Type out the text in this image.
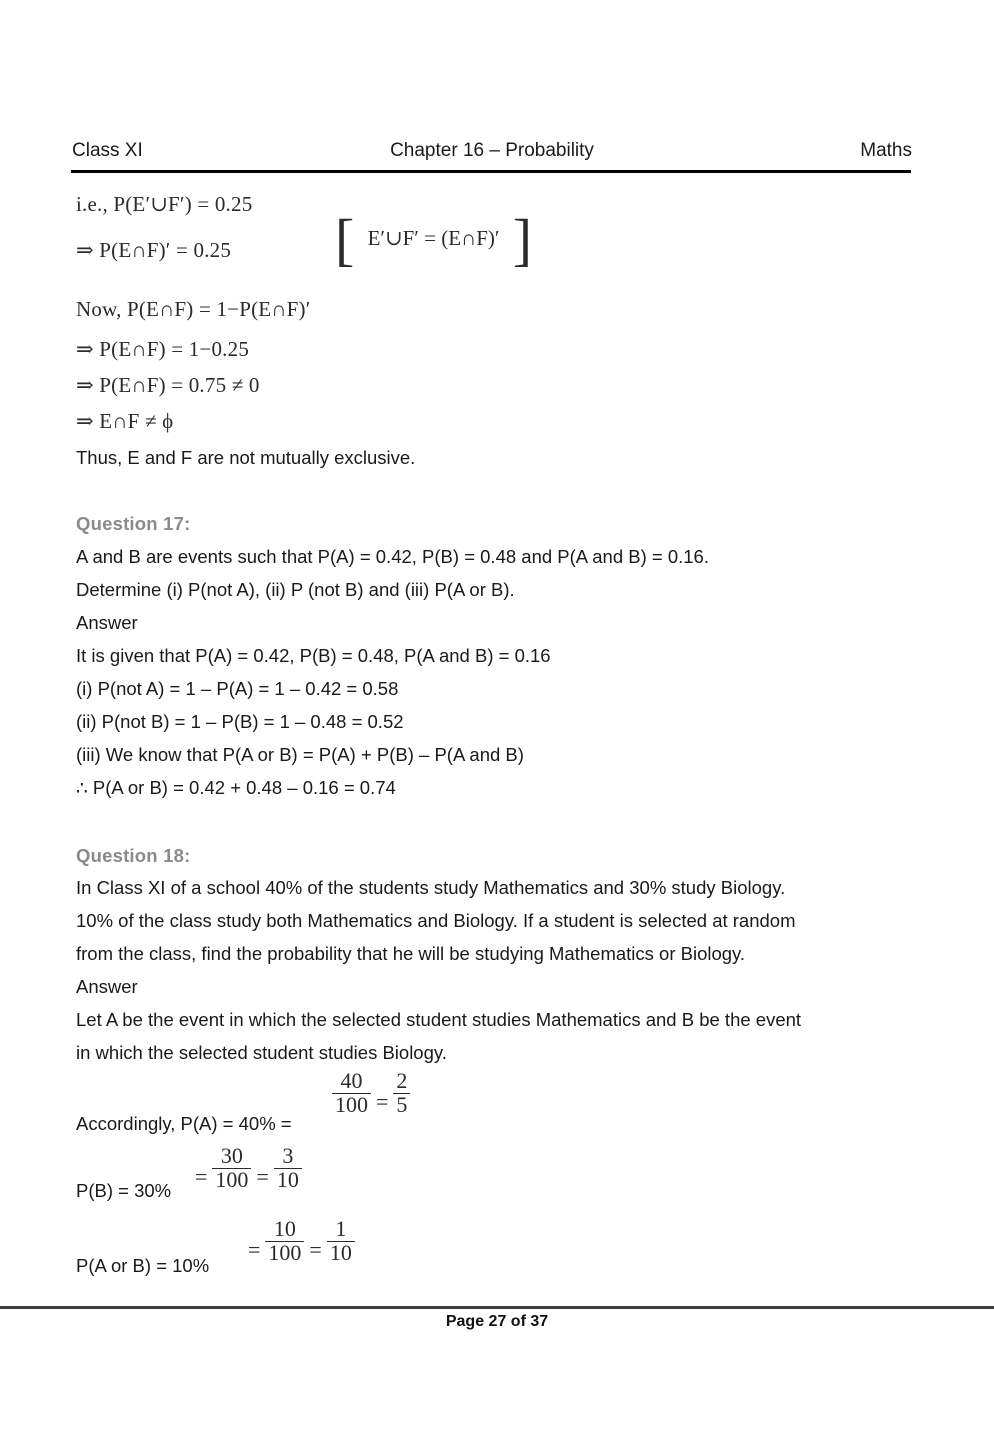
Class XI	Chapter 16 – Probability	Maths
i.e., P(E′∪F′) = 0.25
⇒ P(E∩F)′ = 0.25 [ E′∪F′ = (E∩F)′ ]
Now, P(E∩F) = 1−P(E∩F)′
⇒ P(E∩F) = 1−0.25
⇒ P(E∩F) = 0.75 ≠ 0
⇒ E∩F ≠ ϕ
Thus, E and F are not mutually exclusive.
Question 17:
A and B are events such that P(A) = 0.42, P(B) = 0.48 and P(A and B) = 0.16.
Determine (i) P(not A), (ii) P (not B) and (iii) P(A or B).
Answer
It is given that P(A) = 0.42, P(B) = 0.48, P(A and B) = 0.16
(i) P(not A) = 1 – P(A) = 1 – 0.42 = 0.58
(ii) P(not B) = 1 – P(B) = 1 – 0.48 = 0.52
(iii) We know that P(A or B) = P(A) + P(B) – P(A and B)
∴ P(A or B) = 0.42 + 0.48 – 0.16 = 0.74
Question 18:
In Class XI of a school 40% of the students study Mathematics and 30% study Biology.
10% of the class study both Mathematics and Biology. If a student is selected at random
from the class, find the probability that he will be studying Mathematics or Biology.
Answer
Let A be the event in which the selected student studies Mathematics and B be the event
in which the selected student studies Biology.
Accordingly, P(A) = 40% =
$\frac{40}{100} = \frac{2}{5}$
P(B) = 30%
= $\frac{30}{100} = \frac{3}{10}$
P(A or B) = 10%
= $\frac{10}{100} = \frac{1}{10}$
Page 27 of 37
